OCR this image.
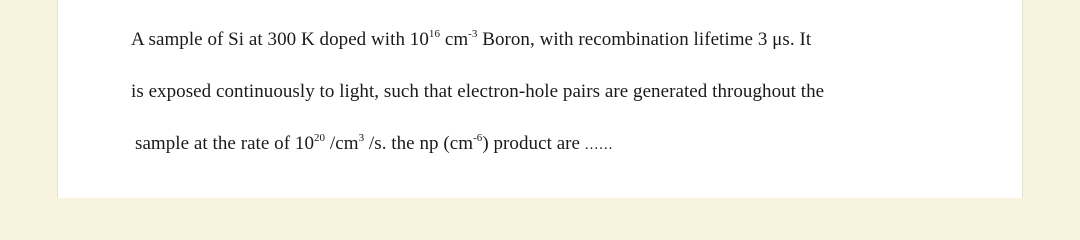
A sample of Si at 300 K doped with $10^{16}$ $cm^{-3}$ Boron, with recombination lifetime 3 μs. It
is exposed continuously to light, such that electron-hole pairs are generated throughout the
sample at the rate of $10^{20}$ $/cm^3$ /s. the np $(cm^{-6})$ product are ......
